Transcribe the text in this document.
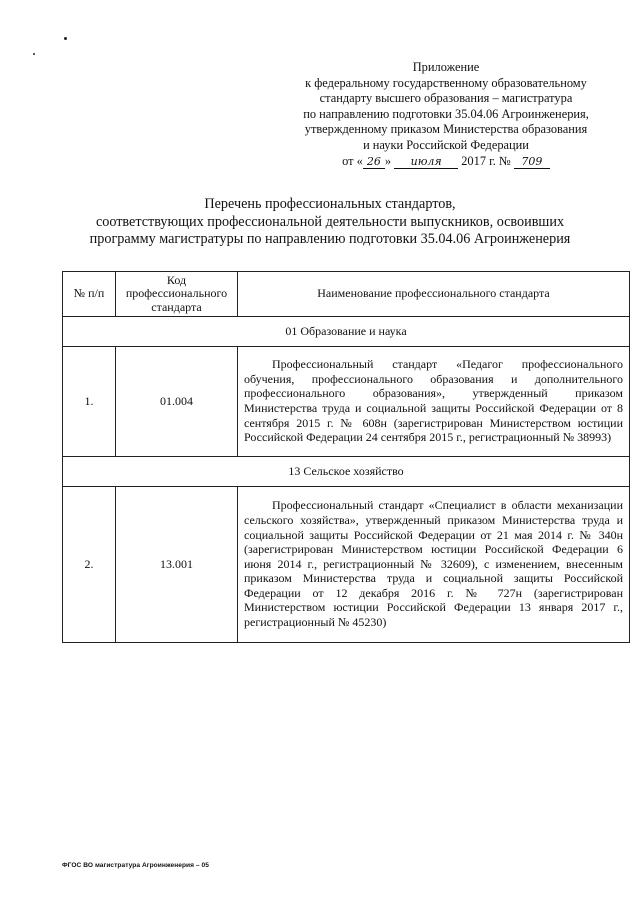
Приложение
к федеральному государственному образовательному
стандарту высшего образования – магистратура
по направлению подготовки 35.04.06 Агроинженерия,
утвержденному приказом Министерства образования
и науки Российской Федерации
от « 26 » июля 2017 г. № 709
Перечень профессиональных стандартов,
соответствующих профессиональной деятельности выпускников, освоивших
программу магистратуры по направлению подготовки 35.04.06 Агроинженерия
№ п/п	Код профессионального стандарта	Наименование профессионального стандарта
01 Образование и наука		
1.	01.004	Профессиональный стандарт «Педагог профессионального обучения, профессионального образования и дополнительного профессионального образования», утвержденный приказом Министерства труда и социальной защиты Российской Федерации от 8 сентября 2015 г. № 608н (зарегистрирован Министерством юстиции Российской Федерации 24 сентября 2015 г., регистрационный № 38993)
13 Сельское хозяйство		
2.	13.001	Профессиональный стандарт «Специалист в области механизации сельского хозяйства», утвержденный приказом Министерства труда и социальной защиты Российской Федерации от 21 мая 2014 г. № 340н (зарегистрирован Министерством юстиции Российской Федерации 6 июня 2014 г., регистрационный № 32609), с изменением, внесенным приказом Министерства труда и социальной защиты Российской Федерации от 12 декабря 2016 г. № 727н (зарегистрирован Министерством юстиции Российской Федерации 13 января 2017 г., регистрационный № 45230)
ФГОС ВО магистратура Агроинженерия – 05
